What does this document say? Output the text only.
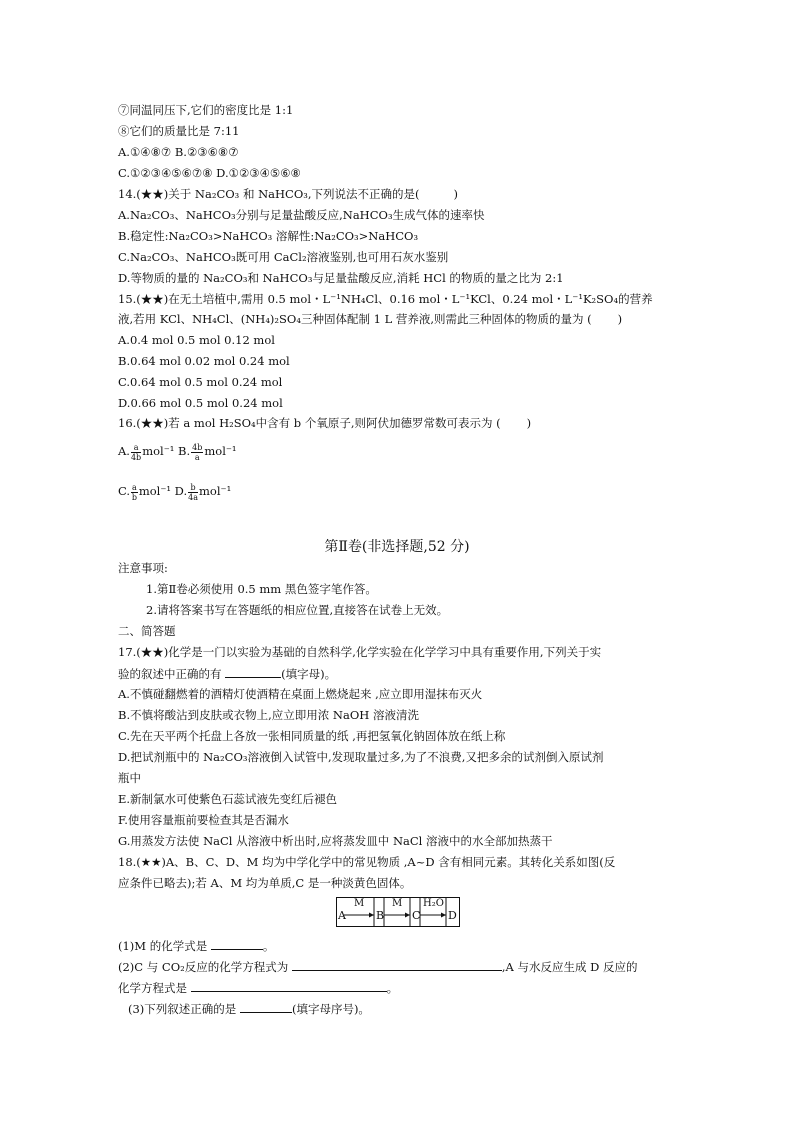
⑦同温同压下,它们的密度比是 1:1
⑧它们的质量比是 7:11
A.①④⑧⑦ B.②③⑥⑧⑦
C.①②③④⑤⑥⑦⑧ D.①②③④⑤⑥⑧
14.(★★)关于 Na₂CO₃ 和 NaHCO₃,下列说法不正确的是(	)
A.Na₂CO₃、NaHCO₃分别与足量盐酸反应,NaHCO₃生成气体的速率快
B.稳定性:Na₂CO₃>NaHCO₃ 溶解性:Na₂CO₃>NaHCO₃
C.Na₂CO₃、NaHCO₃既可用 CaCl₂溶液鉴别,也可用石灰水鉴别
D.等物质的量的 Na₂CO₃和 NaHCO₃与足量盐酸反应,消耗 HCl 的物质的量之比为 2:1
15.(★★)在无土培植中,需用 0.5 mol・L⁻¹NH₄Cl、0.16 mol・L⁻¹KCl、0.24 mol・L⁻¹K₂SO₄的营养
液,若用 KCl、NH₄Cl、(NH₄)₂SO₄三种固体配制 1 L 营养液,则需此三种固体的物质的量为 ( )
A.0.4 mol 0.5 mol 0.12 mol
B.0.64 mol 0.02 mol 0.24 mol
C.0.64 mol 0.5 mol 0.24 mol
D.0.66 mol 0.5 mol 0.24 mol
16.(★★)若 a mol H₂SO₄中含有 b 个氧原子,则阿伏加德罗常数可表示为 ( )
A. $\frac{a}{4b} mol^{-1}$ B. $\frac{4b}{a} mol^{-1}$
C. $\frac{a}{b} mol^{-1}$ D. $\frac{b}{4a} mol^{-1}$
第Ⅱ卷(非选择题,52 分)
注意事项:
1.第Ⅱ卷必须使用 0.5 mm 黑色签字笔作答。
2.请将答案书写在答题纸的相应位置,直接答在试卷上无效。
二、简答题
17.(★★)化学是一门以实验为基础的自然科学,化学实验在化学学习中具有重要作用,下列关于实
验的叙述中正确的有	(填字母)。
A.不慎碰翻燃着的酒精灯使酒精在桌面上燃烧起来 ,应立即用湿抹布灭火
B.不慎将酸沾到皮肤或衣物上,应立即用浓 NaOH 溶液清洗
C.先在天平两个托盘上各放一张相同质量的纸 ,再把氢氧化钠固体放在纸上称
D.把试剂瓶中的 Na₂CO₃溶液倒入试管中,发现取量过多,为了不浪费,又把多余的试剂倒入原试剂
瓶中
E.新制氯水可使紫色石蕊试液先变红后褪色
F.使用容量瓶前要检查其是否漏水
G.用蒸发方法使 NaCl 从溶液中析出时,应将蒸发皿中 NaCl 溶液中的水全部加热蒸干
18.(★★)A、B、C、D、M 均为中学化学中的常见物质 ,A~D 含有相同元素。其转化关系如图(反
应条件已略去);若 A、M 均为单质,C 是一种淡黄色固体。
A	B	C	D
M	M H₂O
(1)M 的化学式是	。
(2)C 与 CO₂反应的化学方程式为	,A 与水反应生成 D 反应的
化学方程式是	。
(3)下列叙述正确的是	(填字母序号)。
